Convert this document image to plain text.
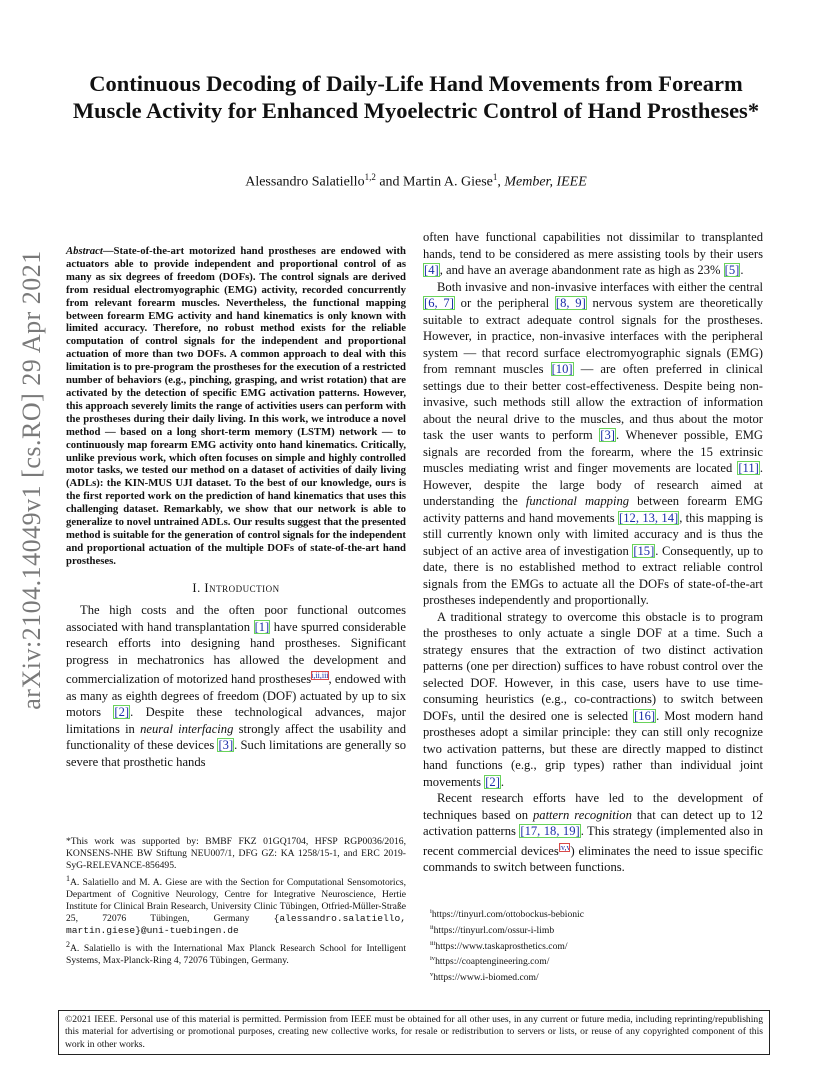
arXiv:2104.14049v1 [cs.RO] 29 Apr 2021
Continuous Decoding of Daily-Life Hand Movements from Forearm Muscle Activity for Enhanced Myoelectric Control of Hand Prostheses*
Alessandro Salatiello$^{1,2}$ and Martin A. Giese$^1$, Member, IEEE
Abstract—State-of-the-art motorized hand prostheses are endowed with actuators able to provide independent and proportional control of as many as six degrees of freedom (DOFs). The control signals are derived from residual electromyographic (EMG) activity, recorded concurrently from relevant forearm muscles. Nevertheless, the functional mapping between forearm EMG activity and hand kinematics is only known with limited accuracy. Therefore, no robust method exists for the reliable computation of control signals for the independent and proportional actuation of more than two DOFs. A common approach to deal with this limitation is to pre-program the prostheses for the execution of a restricted number of behaviors (e.g., pinching, grasping, and wrist rotation) that are activated by the detection of specific EMG activation patterns. However, this approach severely limits the range of activities users can perform with the prostheses during their daily living. In this work, we introduce a novel method — based on a long short-term memory (LSTM) network — to continuously map forearm EMG activity onto hand kinematics. Critically, unlike previous work, which often focuses on simple and highly controlled motor tasks, we tested our method on a dataset of activities of daily living (ADLs): the KIN-MUS UJI dataset. To the best of our knowledge, ours is the first reported work on the prediction of hand kinematics that uses this challenging dataset. Remarkably, we show that our network is able to generalize to novel untrained ADLs. Our results suggest that the presented method is suitable for the generation of control signals for the independent and proportional actuation of the multiple DOFs of state-of-the-art hand prostheses.
I. Introduction

The high costs and the often poor functional outcomes associated with hand transplantation [1] have spurred considerable research efforts into designing hand prostheses. Significant progress in mechatronics has allowed the development and commercialization of motorized hand prostheses$^{i,ii,iii}$, endowed with as many as eighth degrees of freedom (DOF) actuated by up to six motors [2]. Despite these technological advances, major limitations in neural interfacing strongly affect the usability and functionality of these devices [3]. Such limitations are generally so severe that prosthetic hands

*This work was supported by: BMBF FKZ 01GQ1704, HFSP RGP0036/2016, KONSENS-NHE BW Stiftung NEU007/1, DFG GZ: KA 1258/15-1, and ERC 2019-SyG-RELEVANCE-856495.

$^1$A. Salatiello and M. A. Giese are with the Section for Computational Sensomotorics, Department of Cognitive Neurology, Centre for Integrative Neuroscience, Hertie Institute for Clinical Brain Research, University Clinic Tübingen, Otfried-Müller-Straße 25, 72076 Tübingen, Germany {alessandro.salatiello, martin.giese}@uni-tuebingen.de

$^2$A. Salatiello is with the International Max Planck Research School for Intelligent Systems, Max-Planck-Ring 4, 72076 Tübingen, Germany.

often have functional capabilities not dissimilar to transplanted hands, tend to be considered as mere assisting tools by their users [4], and have an average abandonment rate as high as 23% [5].

Both invasive and non-invasive interfaces with either the central [6, 7] or the peripheral [8, 9] nervous system are theoretically suitable to extract adequate control signals for the prostheses. However, in practice, non-invasive interfaces with the peripheral system — that record surface electromyographic signals (EMG) from remnant muscles [10] — are often preferred in clinical settings due to their better cost-effectiveness. Despite being non-invasive, such methods still allow the extraction of information about the neural drive to the muscles, and thus about the motor task the user wants to perform [3]. Whenever possible, EMG signals are recorded from the forearm, where the 15 extrinsic muscles mediating wrist and finger movements are located [11]. However, despite the large body of research aimed at understanding the functional mapping between forearm EMG activity patterns and hand movements [12, 13, 14], this mapping is still currently known only with limited accuracy and is thus the subject of an active area of investigation [15]. Consequently, up to date, there is no established method to extract reliable control signals from the EMGs to actuate all the DOFs of state-of-the-art prostheses independently and proportionally.

A traditional strategy to overcome this obstacle is to program the prostheses to only actuate a single DOF at a time. Such a strategy ensures that the extraction of two distinct activation patterns (one per direction) suffices to have robust control over the selected DOF. However, in this case, users have to use time-consuming heuristics (e.g., co-contractions) to switch between DOFs, until the desired one is selected [16]. Most modern hand prostheses adopt a similar principle: they can still only recognize two activation patterns, but these are directly mapped to distinct hand functions (e.g., grip types) rather than individual joint movements [2].

Recent research efforts have led to the development of techniques based on pattern recognition that can detect up to 12 activation patterns [17, 18, 19]. This strategy (implemented also in recent commercial devices$^{iv,v}$) eliminates the need to issue specific commands to switch between functions.

$^i$https://tinyurl.com/ottobockus-bebionic
$^{ii}$https://tinyurl.com/ossur-i-limb
$^{iii}$https://www.taskaprosthetics.com/
$^{iv}$https://coaptengineering.com/
$^v$https://www.i-biomed.com/
©2021 IEEE. Personal use of this material is permitted. Permission from IEEE must be obtained for all other uses, in any current or future media, including reprinting/republishing this material for advertising or promotional purposes, creating new collective works, for resale or redistribution to servers or lists, or reuse of any copyrighted component of this work in other works.
